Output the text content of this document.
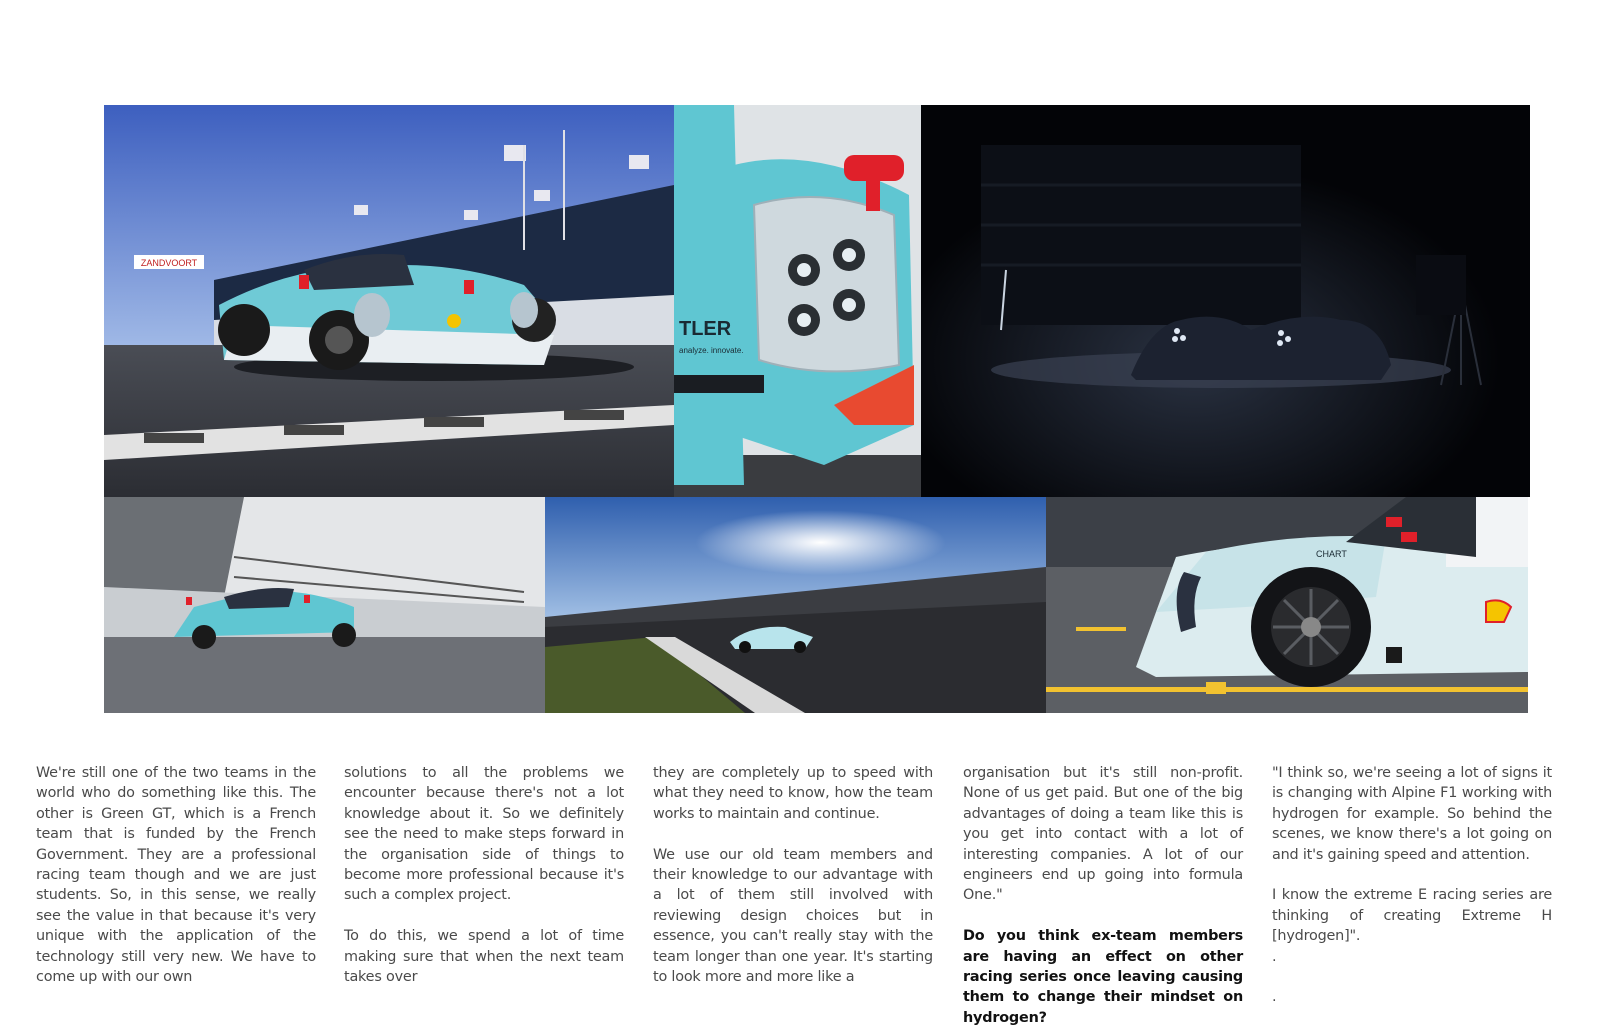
ZANDVOORT
TLER
analyze. innovate.
CHART

We're still one of the two teams in the world who do something like this. The other is Green GT, which is a French team that is funded by the French Government. They are a professional racing team though and we are just students. So, in this sense, we really see the value in that because it's very unique with the application of the technology still very new. We have to come up with our own

solutions to all the problems we encounter because there's not a lot knowledge about it. So we definitely see the need to make steps forward in the organisation side of things to become more professional because it's such a complex project.

To do this, we spend a lot of time making sure that when the next team takes over

they are completely up to speed with what they need to know, how the team works to maintain and continue.

We use our old team members and their knowledge to our advantage with a lot of them still involved with reviewing design choices but in essence, you can't really stay with the team longer than one year. It's starting to look more and more like a

organisation but it's still non-profit. None of us get paid. But one of the big advantages of doing a team like this is you get into contact with a lot of interesting companies. A lot of our engineers end up going into formula One."

Do you think ex-team members are having an effect on other racing series once leaving causing them to change their mindset on hydrogen?

"I think so, we're seeing a lot of signs it is changing with Alpine F1 working with hydrogen for example. So behind the scenes, we know there's a lot going on and it's gaining speed and attention.

I know the extreme E racing series are thinking of creating Extreme H [hydrogen]".

.

.
